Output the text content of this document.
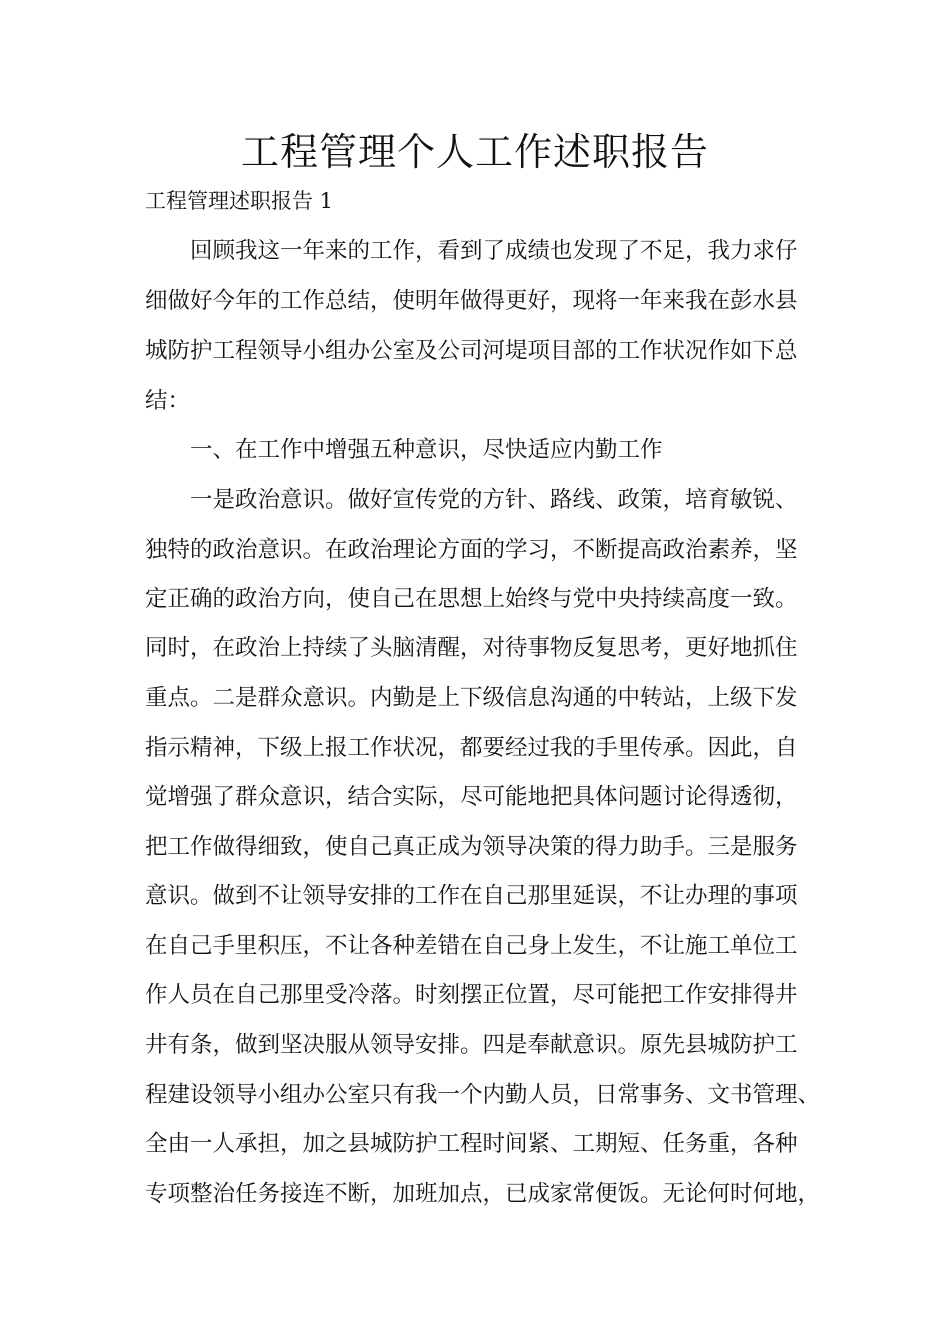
工程管理个人工作述职报告

工程管理述职报告 1

回顾我这一年来的工作，看到了成绩也发现了不足，我力求仔

细做好今年的工作总结，使明年做得更好，现将一年来我在彭水县

城防护工程领导小组办公室及公司河堤项目部的工作状况作如下总

结：

一、在工作中增强五种意识，尽快适应内勤工作

一是政治意识。做好宣传党的方针、路线、政策，培育敏锐、

独特的政治意识。在政治理论方面的学习，不断提高政治素养，坚

定正确的政治方向，使自己在思想上始终与党中央持续高度一致。

同时，在政治上持续了头脑清醒，对待事物反复思考，更好地抓住

重点。二是群众意识。内勤是上下级信息沟通的中转站，上级下发

指示精神，下级上报工作状况，都要经过我的手里传承。因此，自

觉增强了群众意识，结合实际，尽可能地把具体问题讨论得透彻，

把工作做得细致，使自己真正成为领导决策的得力助手。三是服务

意识。做到不让领导安排的工作在自己那里延误，不让办理的事项

在自己手里积压，不让各种差错在自己身上发生，不让施工单位工

作人员在自己那里受冷落。时刻摆正位置，尽可能把工作安排得井

井有条，做到坚决服从领导安排。四是奉献意识。原先县城防护工

程建设领导小组办公室只有我一个内勤人员，日常事务、文书管理、

全由一人承担，加之县城防护工程时间紧、工期短、任务重，各种

专项整治任务接连不断，加班加点，已成家常便饭。无论何时何地，
